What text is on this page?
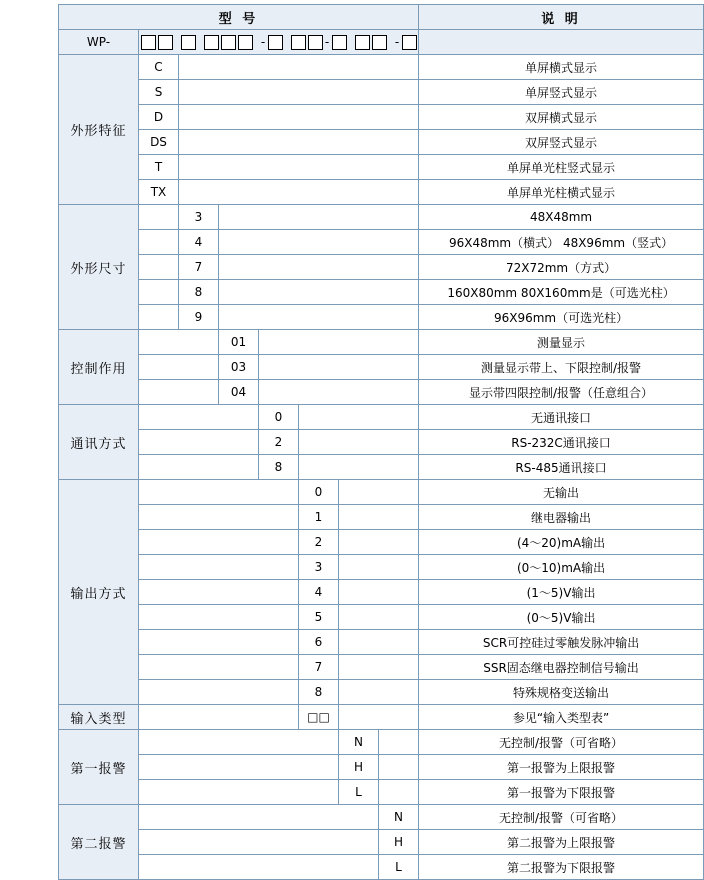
型 号								说 明
WP-	- - -							
外形特征	C							单屏横式显示
	S							单屏竖式显示
	D							双屏横式显示
	DS							双屏竖式显示
	T							单屏单光柱竖式显示
	TX							单屏单光柱横式显示
外形尺寸		3						48X48mm
		4						96X48mm（横式） 48X96mm（竖式）
		7						72X72mm（方式）
		8						160X80mm 80X160mm是（可选光柱）
		9						96X96mm（可选光柱）
控制作用			01					测量显示
			03					测量显示带上、下限控制/报警
			04					显示带四限控制/报警（任意组合）
通讯方式				0				无通讯接口
				2				RS-232C通讯接口
				8				RS-485通讯接口
输出方式					0			无输出
					1			继电器输出
					2			(4～20)mA输出
					3			(0～10)mA输出
					4			(1～5)V输出
					5			(0～5)V输出
					6			SCR可控硅过零触发脉冲输出
					7			SSR固态继电器控制信号输出
					8			特殊规格变送输出
输入类型					□□			参见“输入类型表”
第一报警						N		无控制/报警（可省略）
						H		第一报警为上限报警
						L		第一报警为下限报警
第二报警							N	无控制/报警（可省略）
							H	第二报警为上限报警
							L	第二报警为下限报警
